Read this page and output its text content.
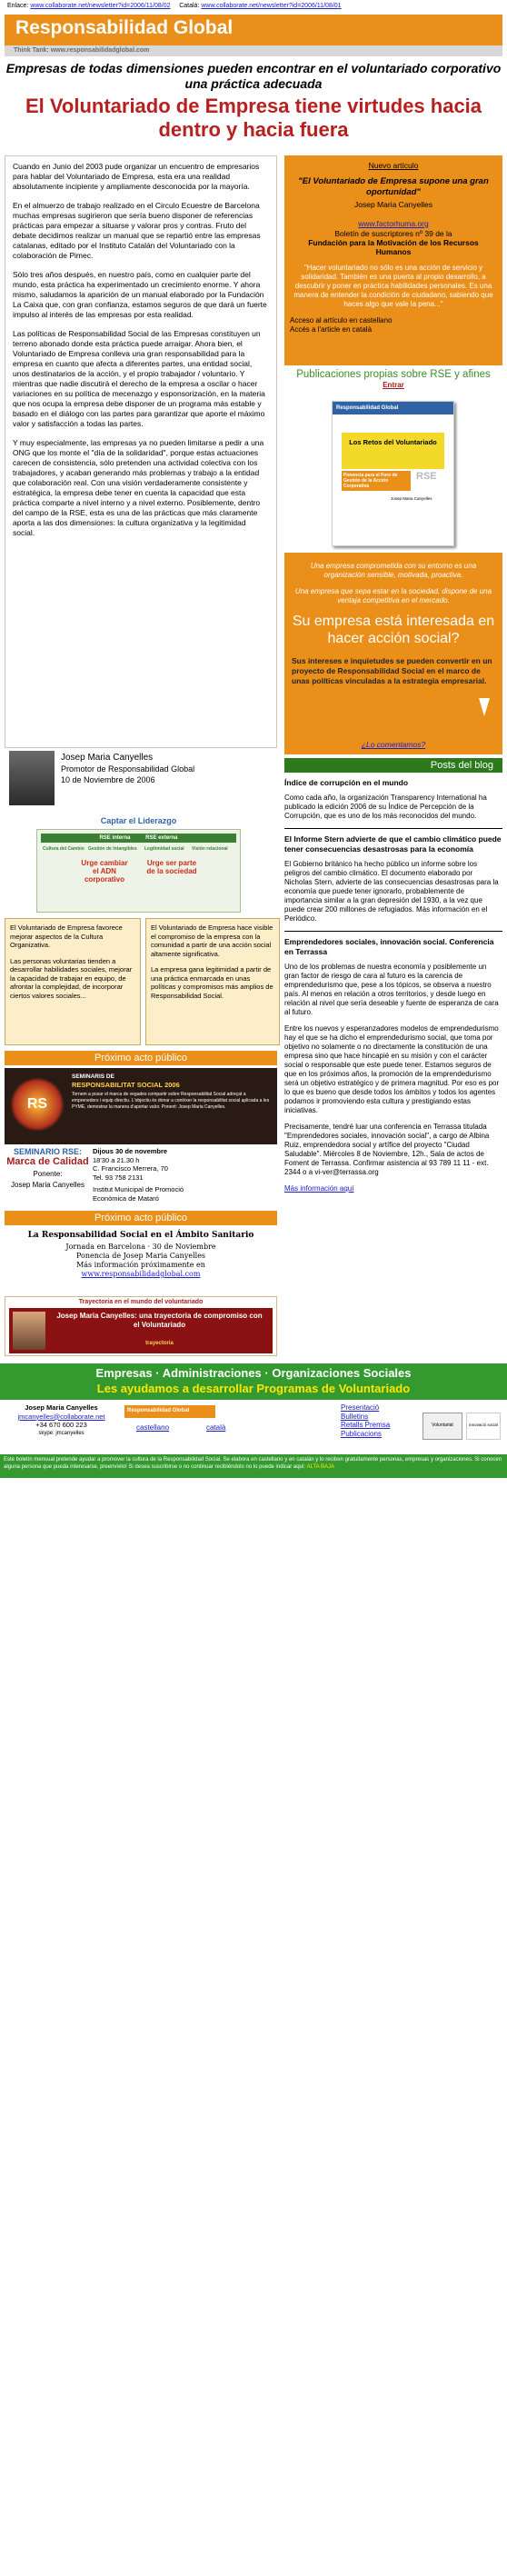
Enlace: www.collaborate.net/newsletter?id=2006/11/08/02 Català: www.collaborate.net/newsletter?id=2006/11/08/01
Responsabilidad Global
Think Tank: www.responsabilidadglobal.com
Empresas de todas dimensiones pueden encontrar en el voluntariado corporativo una práctica adecuada
El Voluntariado de Empresa tiene virtudes hacia dentro y hacia fuera

Cuando en Junio del 2003 pude organizar un encuentro de empresarios para hablar del Voluntariado de Empresa, esta era una realidad absolutamente incipiente y ampliamente desconocida por la mayoría.

En el almuerzo de trabajo realizado en el Circulo Ecuestre de Barcelona muchas empresas sugirieron que sería bueno disponer de referencias prácticas para empezar a situarse y valorar pros y contras. Fruto del debate decidimos realizar un manual que se repartió entre las empresas catalanas, editado por el Instituto Catalán del Voluntariado con la colaboración de Pimec.

Sólo tres años después, en nuestro país, como en cualquier parte del mundo, esta práctica ha experimentado un crecimiento enorme. Y ahora mismo, saludamos la aparición de un manual elaborado por la Fundación La Caixa que, con gran confianza, estamos seguros de que dará un fuerte impulso al interés de las empresas por esta realidad.

Las políticas de Responsabilidad Social de las Empresas constituyen un terreno abonado donde esta práctica puede arraigar. Ahora bien, el Voluntariado de Empresa conlleva una gran responsabilidad para la empresa en cuanto que afecta a diferentes partes, una entidad social, unos destinatarios de la acción, y el propio trabajador / voluntario. Y mientras que nadie discutirá el derecho de la empresa a oscilar o hacer variaciones en su política de mecenazgo y esponsorización, en la materia que nos ocupa la empresa debe disponer de un programa más estable y basado en el diálogo con las partes para garantizar que aporte el máximo valor y satisfacción a todas las partes.

Y muy especialmente, las empresas ya no pueden limitarse a pedir a una ONG que los monte el "día de la solidaridad", porque estas actuaciones carecen de consistencia, sólo pretenden una actividad colectiva con los trabajadores, y acaban generando más problemas y trabajo a la entidad que colaboración real. Con una visión verdaderamente consistente y estratégica, la empresa debe tener en cuenta la capacidad que esta práctica comparte a nivel interno y a nivel externo. Posiblemente, dentro del campo de la RSE, esta es una de las prácticas que más claramente aporta a las dos dimensiones: la cultura organizativa y la legitimidad social.

Josep Maria Canyelles
Promotor de Responsabilidad Global
10 de Noviembre de 2006
Captar el Liderazgo
RSE interna	RSE externa
Cultura del Cambio Gestión de Intangibles Legitimidad social Visión relacional
Urge cambiar el ADN corporativo
Urge ser parte de la sociedad

El Voluntariado de Empresa favorece mejorar aspectos de la Cultura Organizativa.

Las personas voluntarias tienden a desarrollar habilidades sociales, mejorar la capacidad de trabajar en equipo, de afrontar la complejidad, de incorporar ciertos valores sociales...

El Voluntariado de Empresa hace visible el compromiso de la empresa con la comunidad a partir de una acción social altamente significativa.

La empresa gana legitimidad a partir de una práctica enmarcada en unas políticas y compromisos más amplios de Responsabilidad Social.

Próximo acto público
RS
SEMINARIS DE
RESPONSABILITAT SOCIAL 2006
Tornem a posar el marca de vegades compartir sobre Responsabilitat Social adreçat a emprenedors i equip directiu. L'objectiu és donar a conèixer la responsabilitat social aplicada a les PYME, demostrar la manera d'aportar valor. Ponent: Josep Maria Canyelles.
SEMINARIO RSE:
Marca de Calidad
Ponente:
Josep Maria Canyelles
Dijous 30 de novembre
18'30 a 21.30 h
C. Francisco Merrera, 70
Tel. 93 758 2131
Institut Municipal de Promoció Econòmica de Mataró
Próximo acto público
La Responsabilidad Social en el Ámbito Sanitario
Jornada en Barcelona · 30 de Noviembre
Ponencia de Josep Maria Canyelles
Más información próximamente en
www.responsabilidadglobal.com
Trayectoria en el mundo del voluntariado
Josep Maria Canyelles: una trayectoria de compromiso con el Voluntariado
trayectoria
Nuevo artículo
"El Voluntariado de Empresa supone una gran oportunidad"
Josep Maria Canyelles
www.factorhuma.org
Boletín de suscriptores nº 39 de la
Fundación para la Motivación de los Recursos Humanos
"Hacer voluntariado no sólo es una acción de servicio y solidaridad. También es una puerta al propio desarrollo, a descubrir y poner en práctica habilidades personales. Es una manera de entender la condición de ciudadano, sabiendo que haces algo que vale la pena..."
Acceso al artículo en castellano
Accés a l'article en català
Publicaciones propias sobre RSE y afines
Entrar
Responsabilidad Global
Los Retos del Voluntariado
Ponencia para el Foro de Gestión de la Acción Corporativa
RSE
Josep Maria Canyelles
Una empresa comprometida con su entorno es una organización sensible, motivada, proactiva.
Una empresa que sepa estar en la sociedad, dispone de una ventaja competitiva en el mercado.
Su empresa está interesada en hacer acción social?
Sus intereses e inquietudes se pueden convertir en un proyecto de Responsabilidad Social en el marco de unas políticas vinculadas a la estrategia empresarial.
¿Lo comentamos?
Posts del blog
Índice de corrupción en el mundo

Como cada año, la organización Transparency International ha publicado la edición 2006 de su Índice de Percepción de la Corrupción, que es uno de los más reconocidos del mundo.

El Informe Stern advierte de que el cambio climático puede tener consecuencias desastrosas para la economía

El Gobierno británico ha hecho público un informe sobre los peligros del cambio climático. El documento elaborado por Nicholas Stern, advierte de las consecuencias desastrosas para la economía que puede tener ignorarlo, probablemente de importancia similar a la gran depresión del 1930, a la vez que puede crear 200 millones de refugiados. Más información en el Periódico.

Emprendedores sociales, innovación social. Conferencia en Terrassa

Uno de los problemas de nuestra economía y posiblemente un gran factor de riesgo de cara al futuro es la carencia de emprendedurismo que, pese a los tópicos, se observa a nuestro país. Al menos en relación a otros territorios, y desde luego en relación al nivel que sería deseable y fuente de esperanza de cara al futuro.

Entre los nuevos y esperanzadores modelos de emprendedurismo hay el que se ha dicho el emprendedurismo social, que toma por objetivo no solamente o no directamente la constitución de una empresa sino que hace hincapié en su misión y con el carácter social o responsable que este puede tener. Estamos seguros de que en los próximos años, la promoción de la emprendedurismo será un objetivo estratégico y de primera magnitud. Por eso es por lo que es bueno que desde todos los ámbitos y todos los agentes podamos ir promoviendo esta cultura y prestigiando estas iniciativas.

Precisamente, tendré luar una conferencia en Terrassa titulada "Emprendedores sociales, innovación social", a cargo de Albina Ruiz, emprendedora social y artífice del proyecto "Ciudad Saludable". Miércoles 8 de Noviembre, 12h., Sala de actos de Foment de Terrassa. Confirmar asistencia al 93 789 11 11 - ext. 2344 o a vi-ver@terrassa.org

Más información aquí
Empresas · Administraciones · Organizaciones Sociales
Les ayudamos a desarrollar Programas de Voluntariado
Josep Maria Canyelles
jmcanyelles@collaborate.net
+34 670 600 223
skype: jmcanyelles
Responsabilidad Global
castellano	català
Presentació
Bulletins
Retalls Premsa
Publicacions
Voluntariat	innovació social
Este boletín mensual pretende ayudar a promover la cultura de la Responsabilidad Social. Se elabora en castellano y en catalán y lo reciben gratuitamente personas, empresas y organizaciones. Si conocen alguna persona que pueda interesarse, preenvíelo! Si desea suscribirse o no continuar recibiéndolo no lo puede indicar aquí: ALTA BAJA
